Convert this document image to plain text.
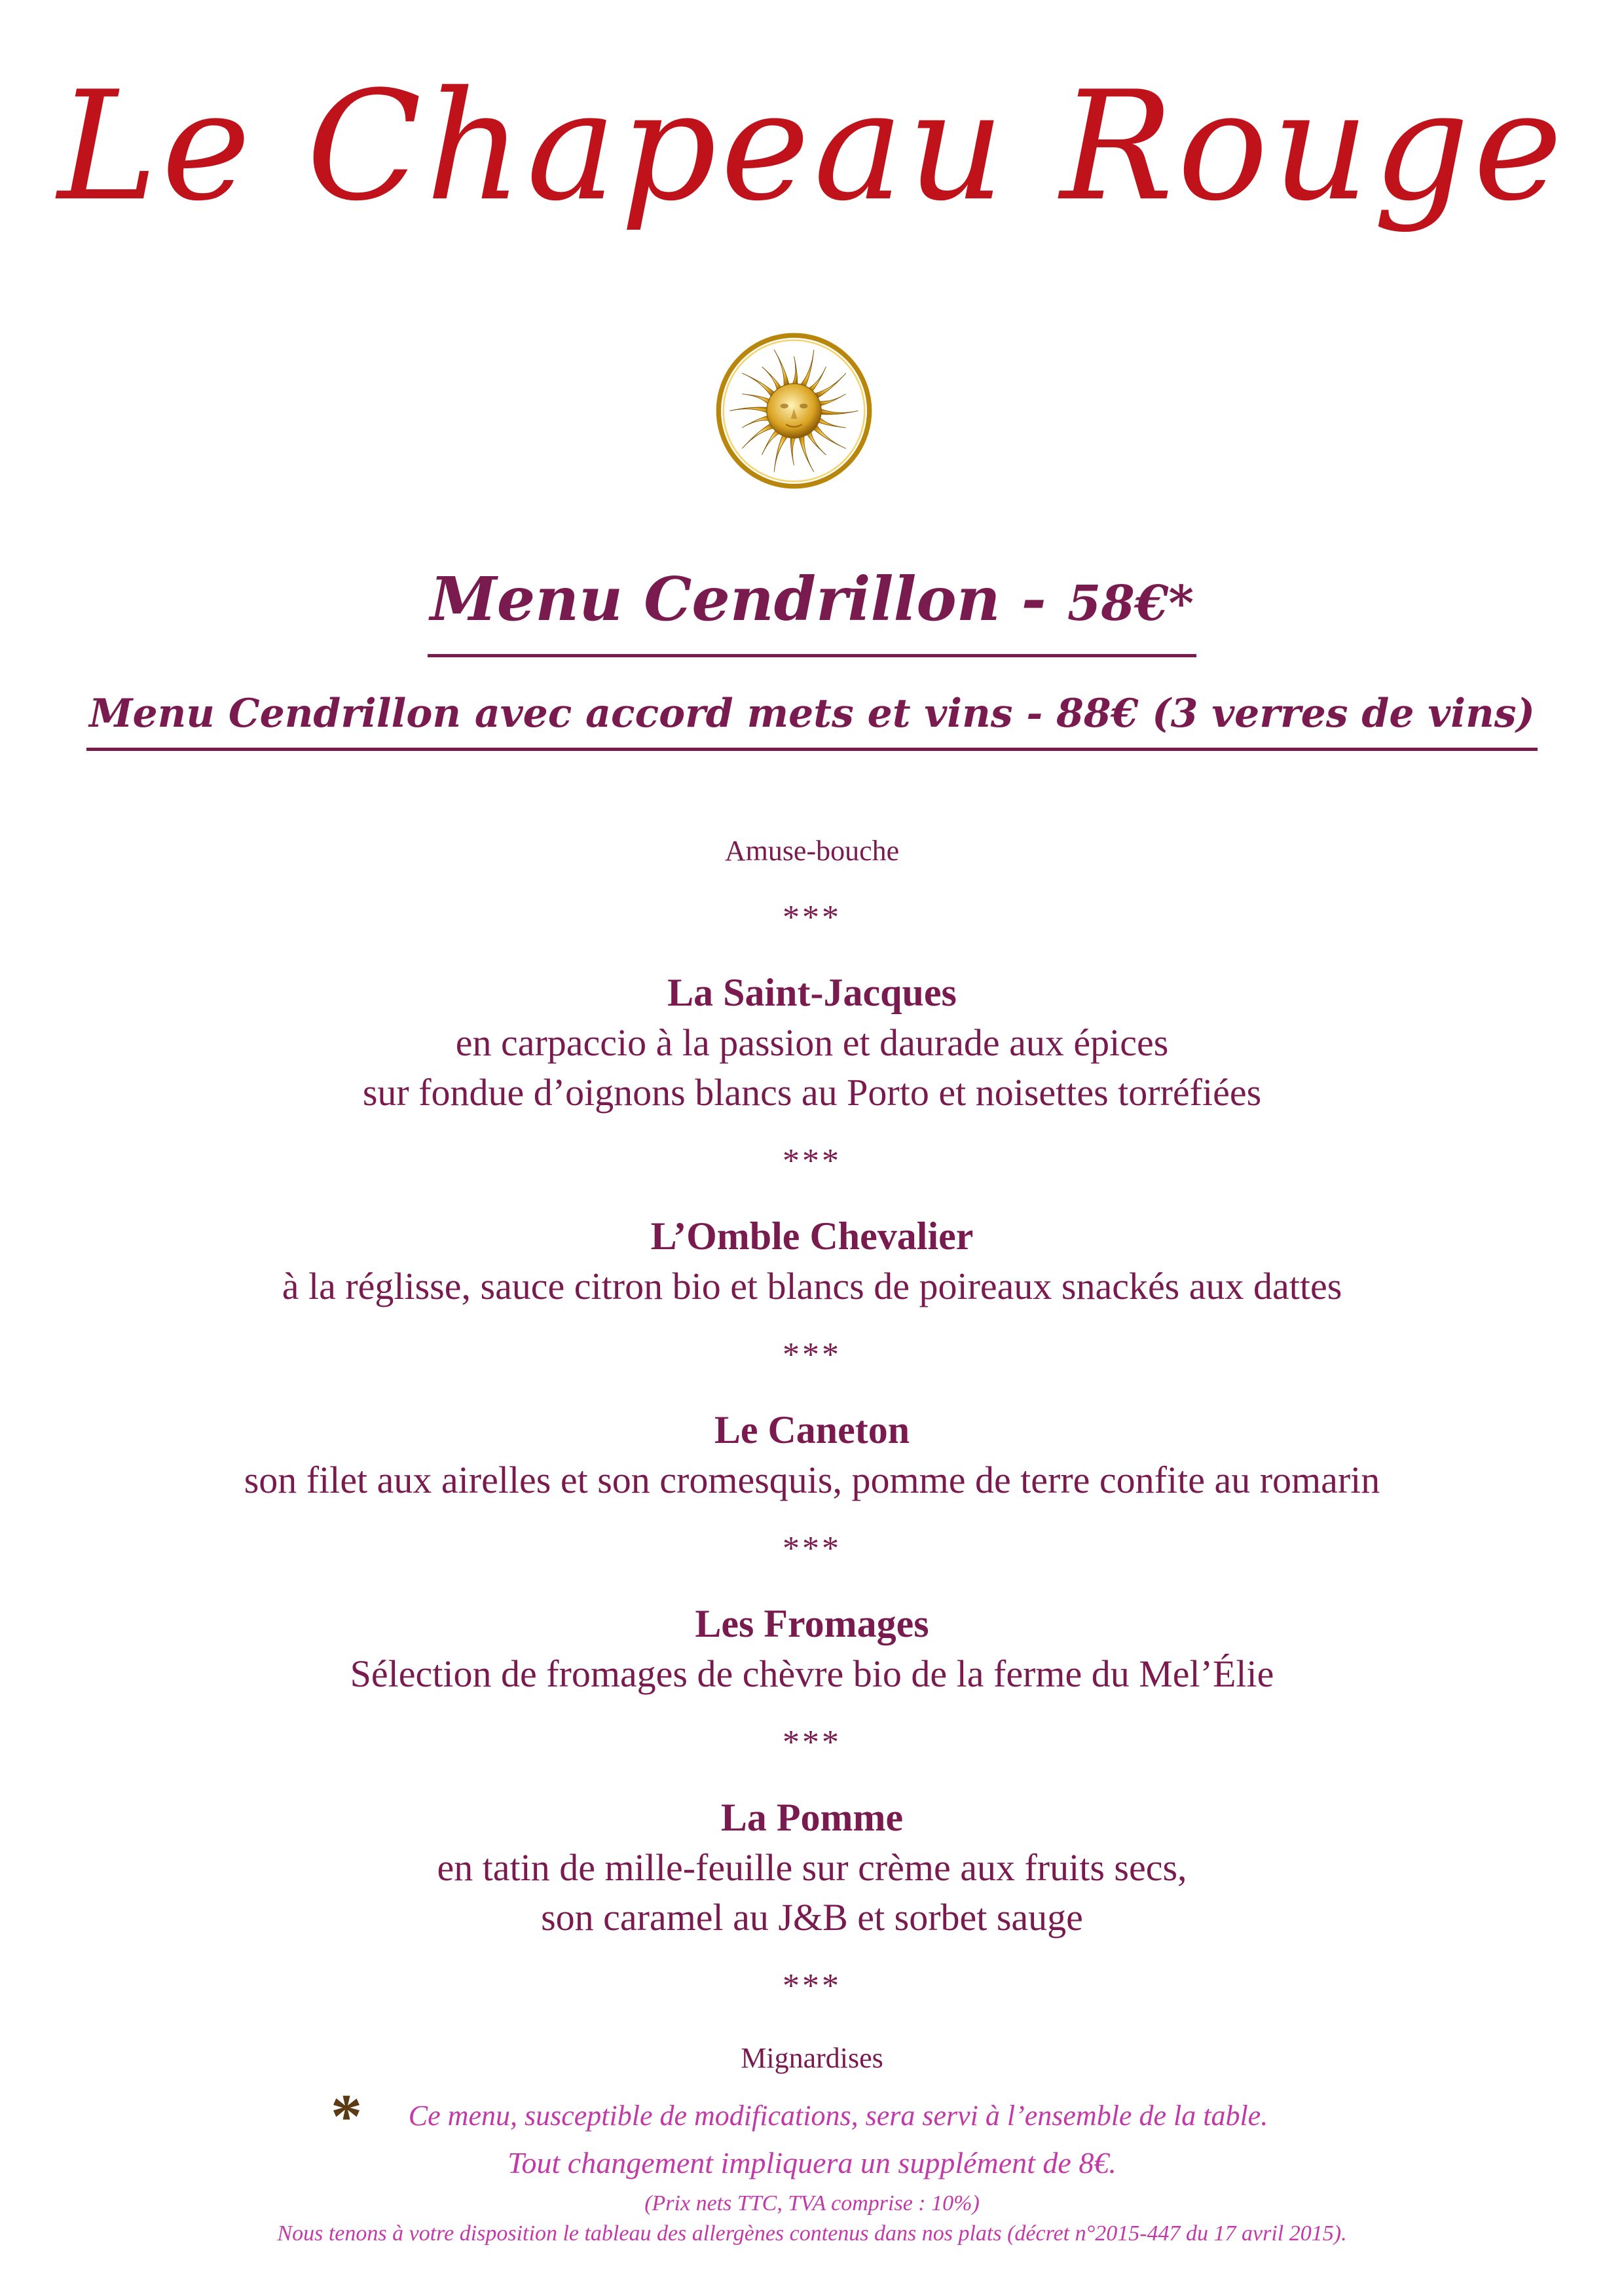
Le Chapeau Rouge
Menu Cendrillon - 58€*
Menu Cendrillon avec accord mets et vins - 88€ (3 verres de vins)
Amuse-bouche
***
La Saint-Jacques
en carpaccio à la passion et daurade aux épices
sur fondue d’oignons blancs au Porto et noisettes torréfiées
***
L’Omble Chevalier
à la réglisse, sauce citron bio et blancs de poireaux snackés aux dattes
***
Le Caneton
son filet aux airelles et son cromesquis, pomme de terre confite au romarin
***
Les Fromages
Sélection de fromages de chèvre bio de la ferme du Mel’Élie
***
La Pomme
en tatin de mille-feuille sur crème aux fruits secs,
son caramel au J&B et sorbet sauge
***
Mignardises
*	Ce menu, susceptible de modifications, sera servi à l’ensemble de la table.
Tout changement impliquera un supplément de 8€.
(Prix nets TTC, TVA comprise : 10%)
Nous tenons à votre disposition le tableau des allergènes contenus dans nos plats (décret n°2015-447 du 17 avril 2015).
